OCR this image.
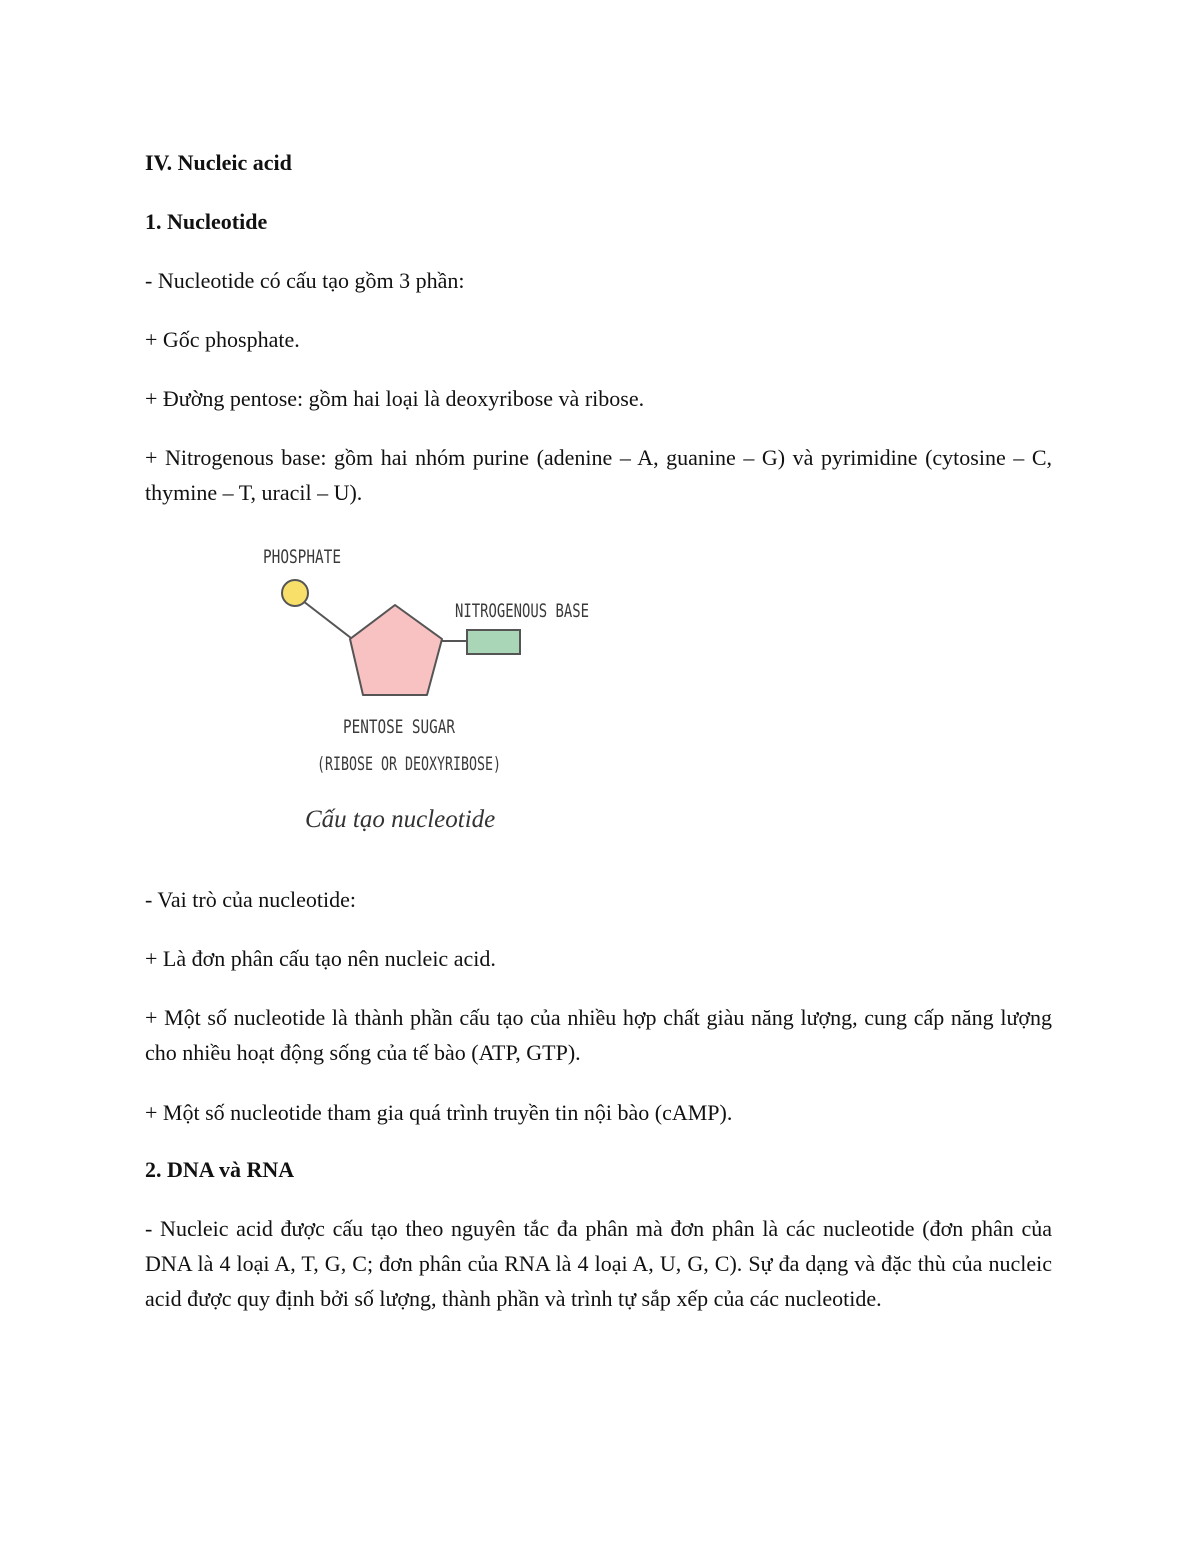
IV. Nucleic acid

1. Nucleotide

- Nucleotide có cấu tạo gồm 3 phần:

+ Gốc phosphate.

+ Đường pentose: gồm hai loại là deoxyribose và ribose.

+ Nitrogenous base: gồm hai nhóm purine (adenine – A, guanine – G) và pyrimidine (cytosine – C, thymine – T, uracil – U).

PHOSPHATE
NITROGENOUS BASE
PENTOSE SUGAR
(RIBOSE OR DEOXYRIBOSE)
Cấu tạo nucleotide

- Vai trò của nucleotide:

+ Là đơn phân cấu tạo nên nucleic acid.

+ Một số nucleotide là thành phần cấu tạo của nhiều hợp chất giàu năng lượng, cung cấp năng lượng cho nhiều hoạt động sống của tế bào (ATP, GTP).

+ Một số nucleotide tham gia quá trình truyền tin nội bào (cAMP).

2. DNA và RNA

- Nucleic acid được cấu tạo theo nguyên tắc đa phân mà đơn phân là các nucleotide (đơn phân của DNA là 4 loại A, T, G, C; đơn phân của RNA là 4 loại A, U, G, C). Sự đa dạng và đặc thù của nucleic acid được quy định bởi số lượng, thành phần và trình tự sắp xếp của các nucleotide.
